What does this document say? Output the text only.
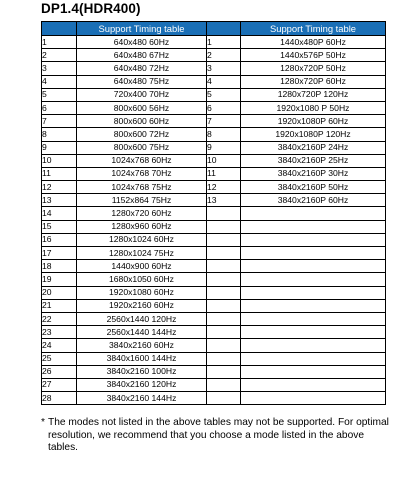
DP1.4(HDR400)
	Support Timing table		Support Timing table
1	640x480 60Hz	1	1440x480P 60Hz
2	640x480 67Hz	2	1440x576P 50Hz
3	640x480 72Hz	3	1280x720P 50Hz
4	640x480 75Hz	4	1280x720P 60Hz
5	720x400 70Hz	5	1280x720P 120Hz
6	800x600 56Hz	6	1920x1080 P 50Hz
7	800x600 60Hz	7	1920x1080P 60Hz
8	800x600 72Hz	8	1920x1080P 120Hz
9	800x600 75Hz	9	3840x2160P 24Hz
10	1024x768 60Hz	10	3840x2160P 25Hz
11	1024x768 70Hz	11	3840x2160P 30Hz
12	1024x768 75Hz	12	3840x2160P 50Hz
13	1152x864 75Hz	13	3840x2160P 60Hz
14	1280x720 60Hz		
15	1280x960 60Hz		
16	1280x1024 60Hz		
17	1280x1024 75Hz		
18	1440x900 60Hz		
19	1680x1050 60Hz		
20	1920x1080 60Hz		
21	1920x2160 60Hz		
22	2560x1440 120Hz		
23	2560x1440 144Hz		
24	3840x2160 60Hz		
25	3840x1600 144Hz		
26	3840x2160 100Hz		
27	3840x2160 120Hz		
28	3840x2160 144Hz		
* The modes not listed in the above tables may not be supported. For optimal resolution, we recommend that you choose a mode listed in the above tables.
